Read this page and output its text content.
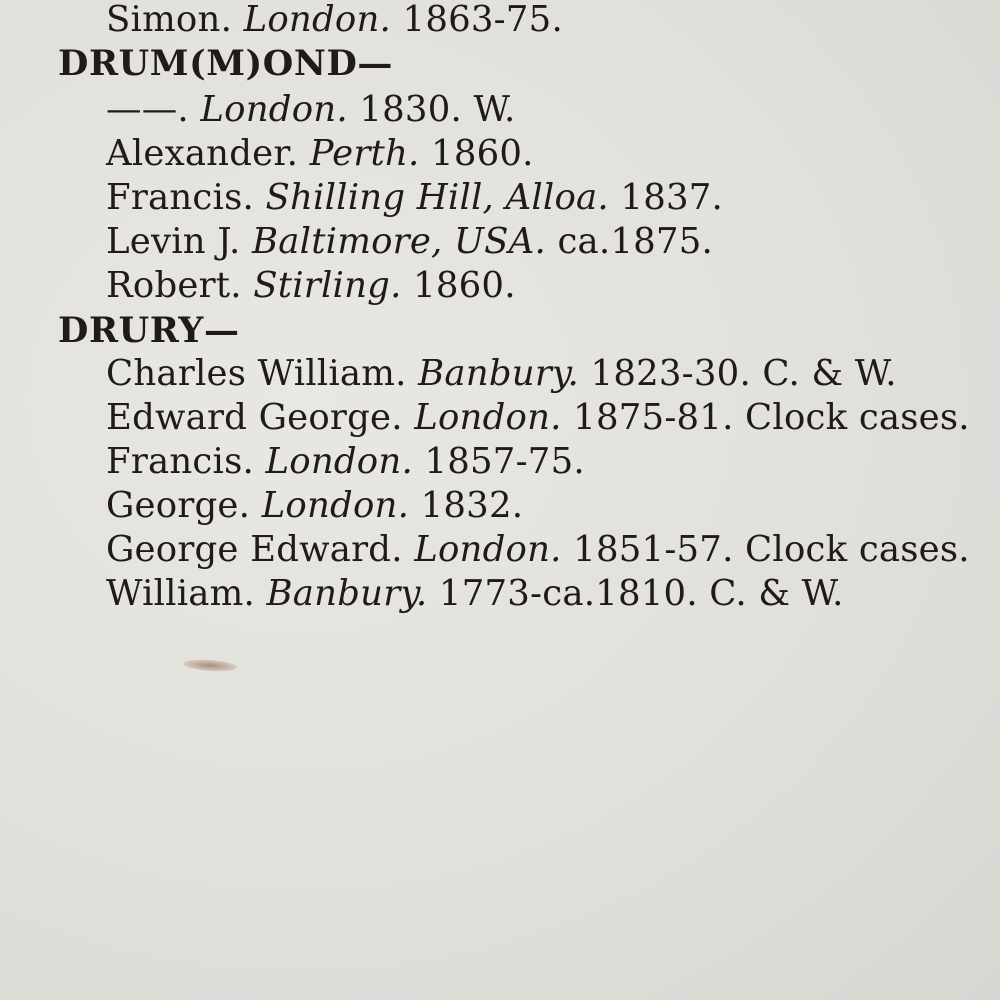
Simon. London. 1863-75.
DRUM(M)OND—
——. London. 1830. W.
Alexander. Perth. 1860.
Francis. Shilling Hill, Alloa. 1837.
Levin J. Baltimore, USA. ca.1875.
Robert. Stirling. 1860.
DRURY—
Charles William. Banbury. 1823-30. C. & W.
Edward George. London. 1875-81. Clock cases.
Francis. London. 1857-75.
George. London. 1832.
George Edward. London. 1851-57. Clock cases.
William. Banbury. 1773-ca.1810. C. & W.
